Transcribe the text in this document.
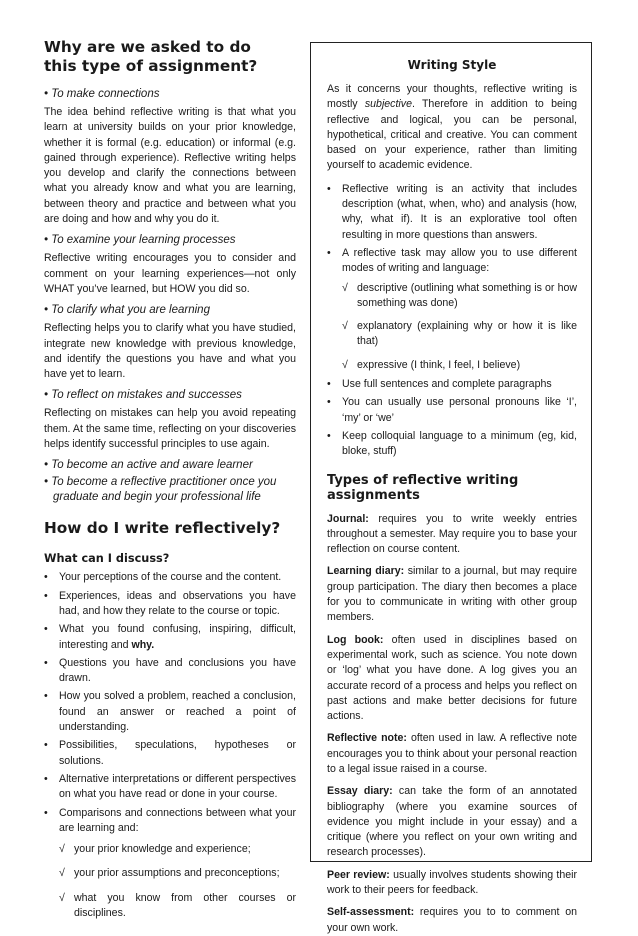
Why are we asked to do this type of assignment?

• To make connections

The idea behind reflective writing is that what you learn at university builds on your prior knowledge, whether it is formal (e.g. education) or informal (e.g. gained through experience). Reflective writing helps you develop and clarify the connections between what you already know and what you are learning, between theory and practice and between what you are doing and how and why you do it.

• To examine your learning processes

Reflective writing encourages you to consider and comment on your learning experiences—not only WHAT you’ve learned, but HOW you did so.

• To clarify what you are learning

Reflecting helps you to clarify what you have studied, integrate new knowledge with previous knowledge, and identify the questions you have and what you have yet to learn.

• To reflect on mistakes and successes

Reflecting on mistakes can help you avoid repeating them. At the same time, reflecting on your discoveries helps identify successful principles to use again.

• To become an active and aware learner

• To become a reflective practitioner once you

graduate and begin your professional life

How do I write reflectively?
What can I discuss?
• Your perceptions of the course and the content.
• Experiences, ideas and observations you have had, and how they relate to the course or topic.
• What you found confusing, inspiring, difficult, interesting and why.
• Questions you have and conclusions you have drawn.
• How you solved a problem, reached a conclusion, found an answer or reached a point of understanding.
• Possibilities, speculations, hypotheses or solutions.
• Alternative interpretations or different perspectives on what you have read or done in your course.
• Comparisons and connections between what your are learning and:
√ your prior knowledge and experience;
√ your prior assumptions and preconceptions;
√ what you know from other courses or disciplines.
Writing Style

As it concerns your thoughts, reflective writing is mostly subjective. Therefore in addition to being reflective and logical, you can be personal, hypothetical, critical and creative. You can comment based on your experience, rather than limiting yourself to academic evidence.

• Reflective writing is an activity that includes description (what, when, who) and analysis (how, why, what if). It is an explorative tool often resulting in more questions than answers.
• A reflective task may allow you to use different modes of writing and language:
√ descriptive (outlining what something is or how something was done)
√ explanatory (explaining why or how it is like that)
√ expressive (I think, I feel, I believe)
• Use full sentences and complete paragraphs
• You can usually use personal pronouns like ‘I’, ‘my’ or ‘we’
• Keep colloquial language to a minimum (eg, kid, bloke, stuff)
Types of reflective writing assignments

Journal: requires you to write weekly entries throughout a semester. May require you to base your reflection on course content.

Learning diary: similar to a journal, but may require group participation. The diary then becomes a place for you to communicate in writing with other group members.

Log book: often used in disciplines based on experimental work, such as science. You note down or ‘log’ what you have done. A log gives you an accurate record of a process and helps you reflect on past actions and make better decisions for future actions.

Reflective note: often used in law. A reflective note encourages you to think about your personal reaction to a legal issue raised in a course.

Essay diary: can take the form of an annotated bibliography (where you examine sources of evidence you might include in your essay) and a critique (where you reflect on your own writing and research processes).

Peer review: usually involves students showing their work to their peers for feedback.

Self-assessment: requires you to to comment on your own work.
